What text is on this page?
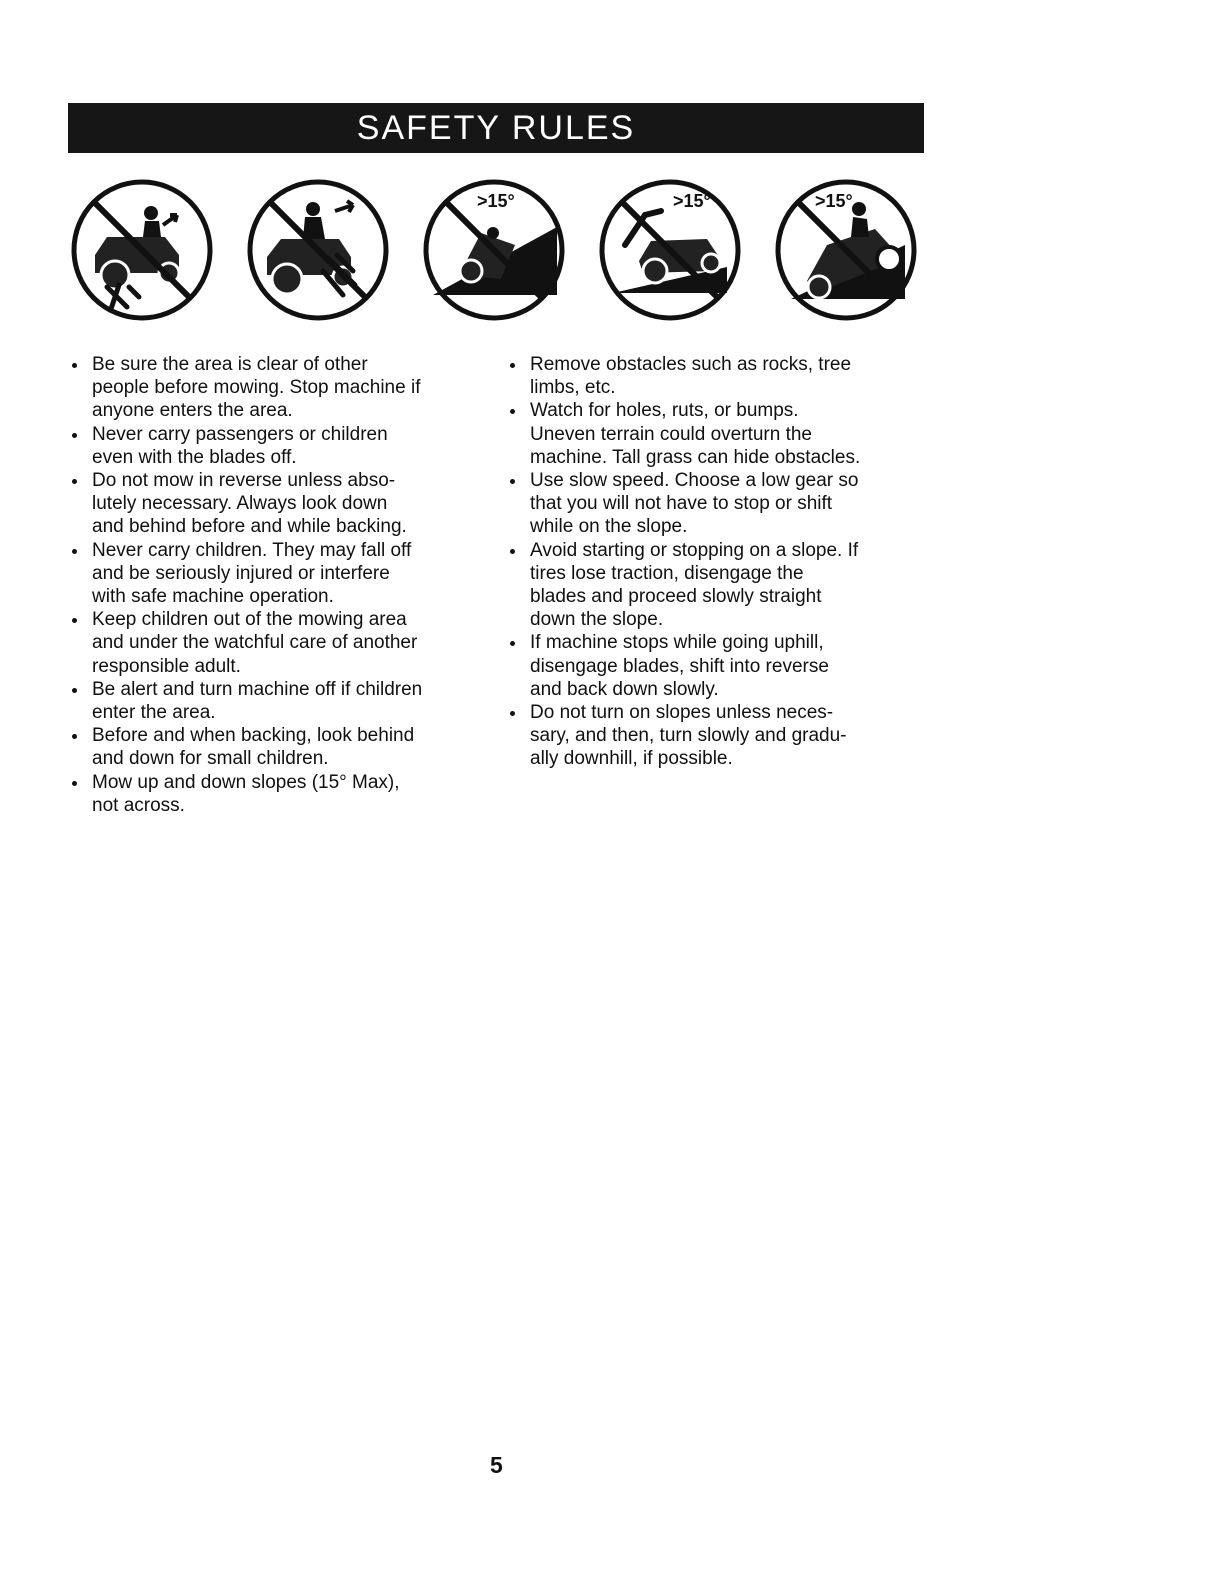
SAFETY RULES
>15°	>15°	>15°
Be sure the area is clear of other
people before mowing. Stop machine if
anyone enters the area.
Never carry passengers or children
even with the blades off.
Do not mow in reverse unless abso-
lutely necessary. Always look down
and behind before and while backing.
Never carry children. They may fall off
and be seriously injured or interfere
with safe machine operation.
Keep children out of the mowing area
and under the watchful care of another
responsible adult.
Be alert and turn machine off if children
enter the area.
Before and when backing, look behind
and down for small children.
Mow up and down slopes (15° Max),
not across.
Remove obstacles such as rocks, tree
limbs, etc.
Watch for holes, ruts, or bumps.
Uneven terrain could overturn the
machine. Tall grass can hide obstacles.
Use slow speed. Choose a low gear so
that you will not have to stop or shift
while on the slope.
Avoid starting or stopping on a slope. If
tires lose traction, disengage the
blades and proceed slowly straight
down the slope.
If machine stops while going uphill,
disengage blades, shift into reverse
and back down slowly.
Do not turn on slopes unless neces-
sary, and then, turn slowly and gradu-
ally downhill, if possible.
5
